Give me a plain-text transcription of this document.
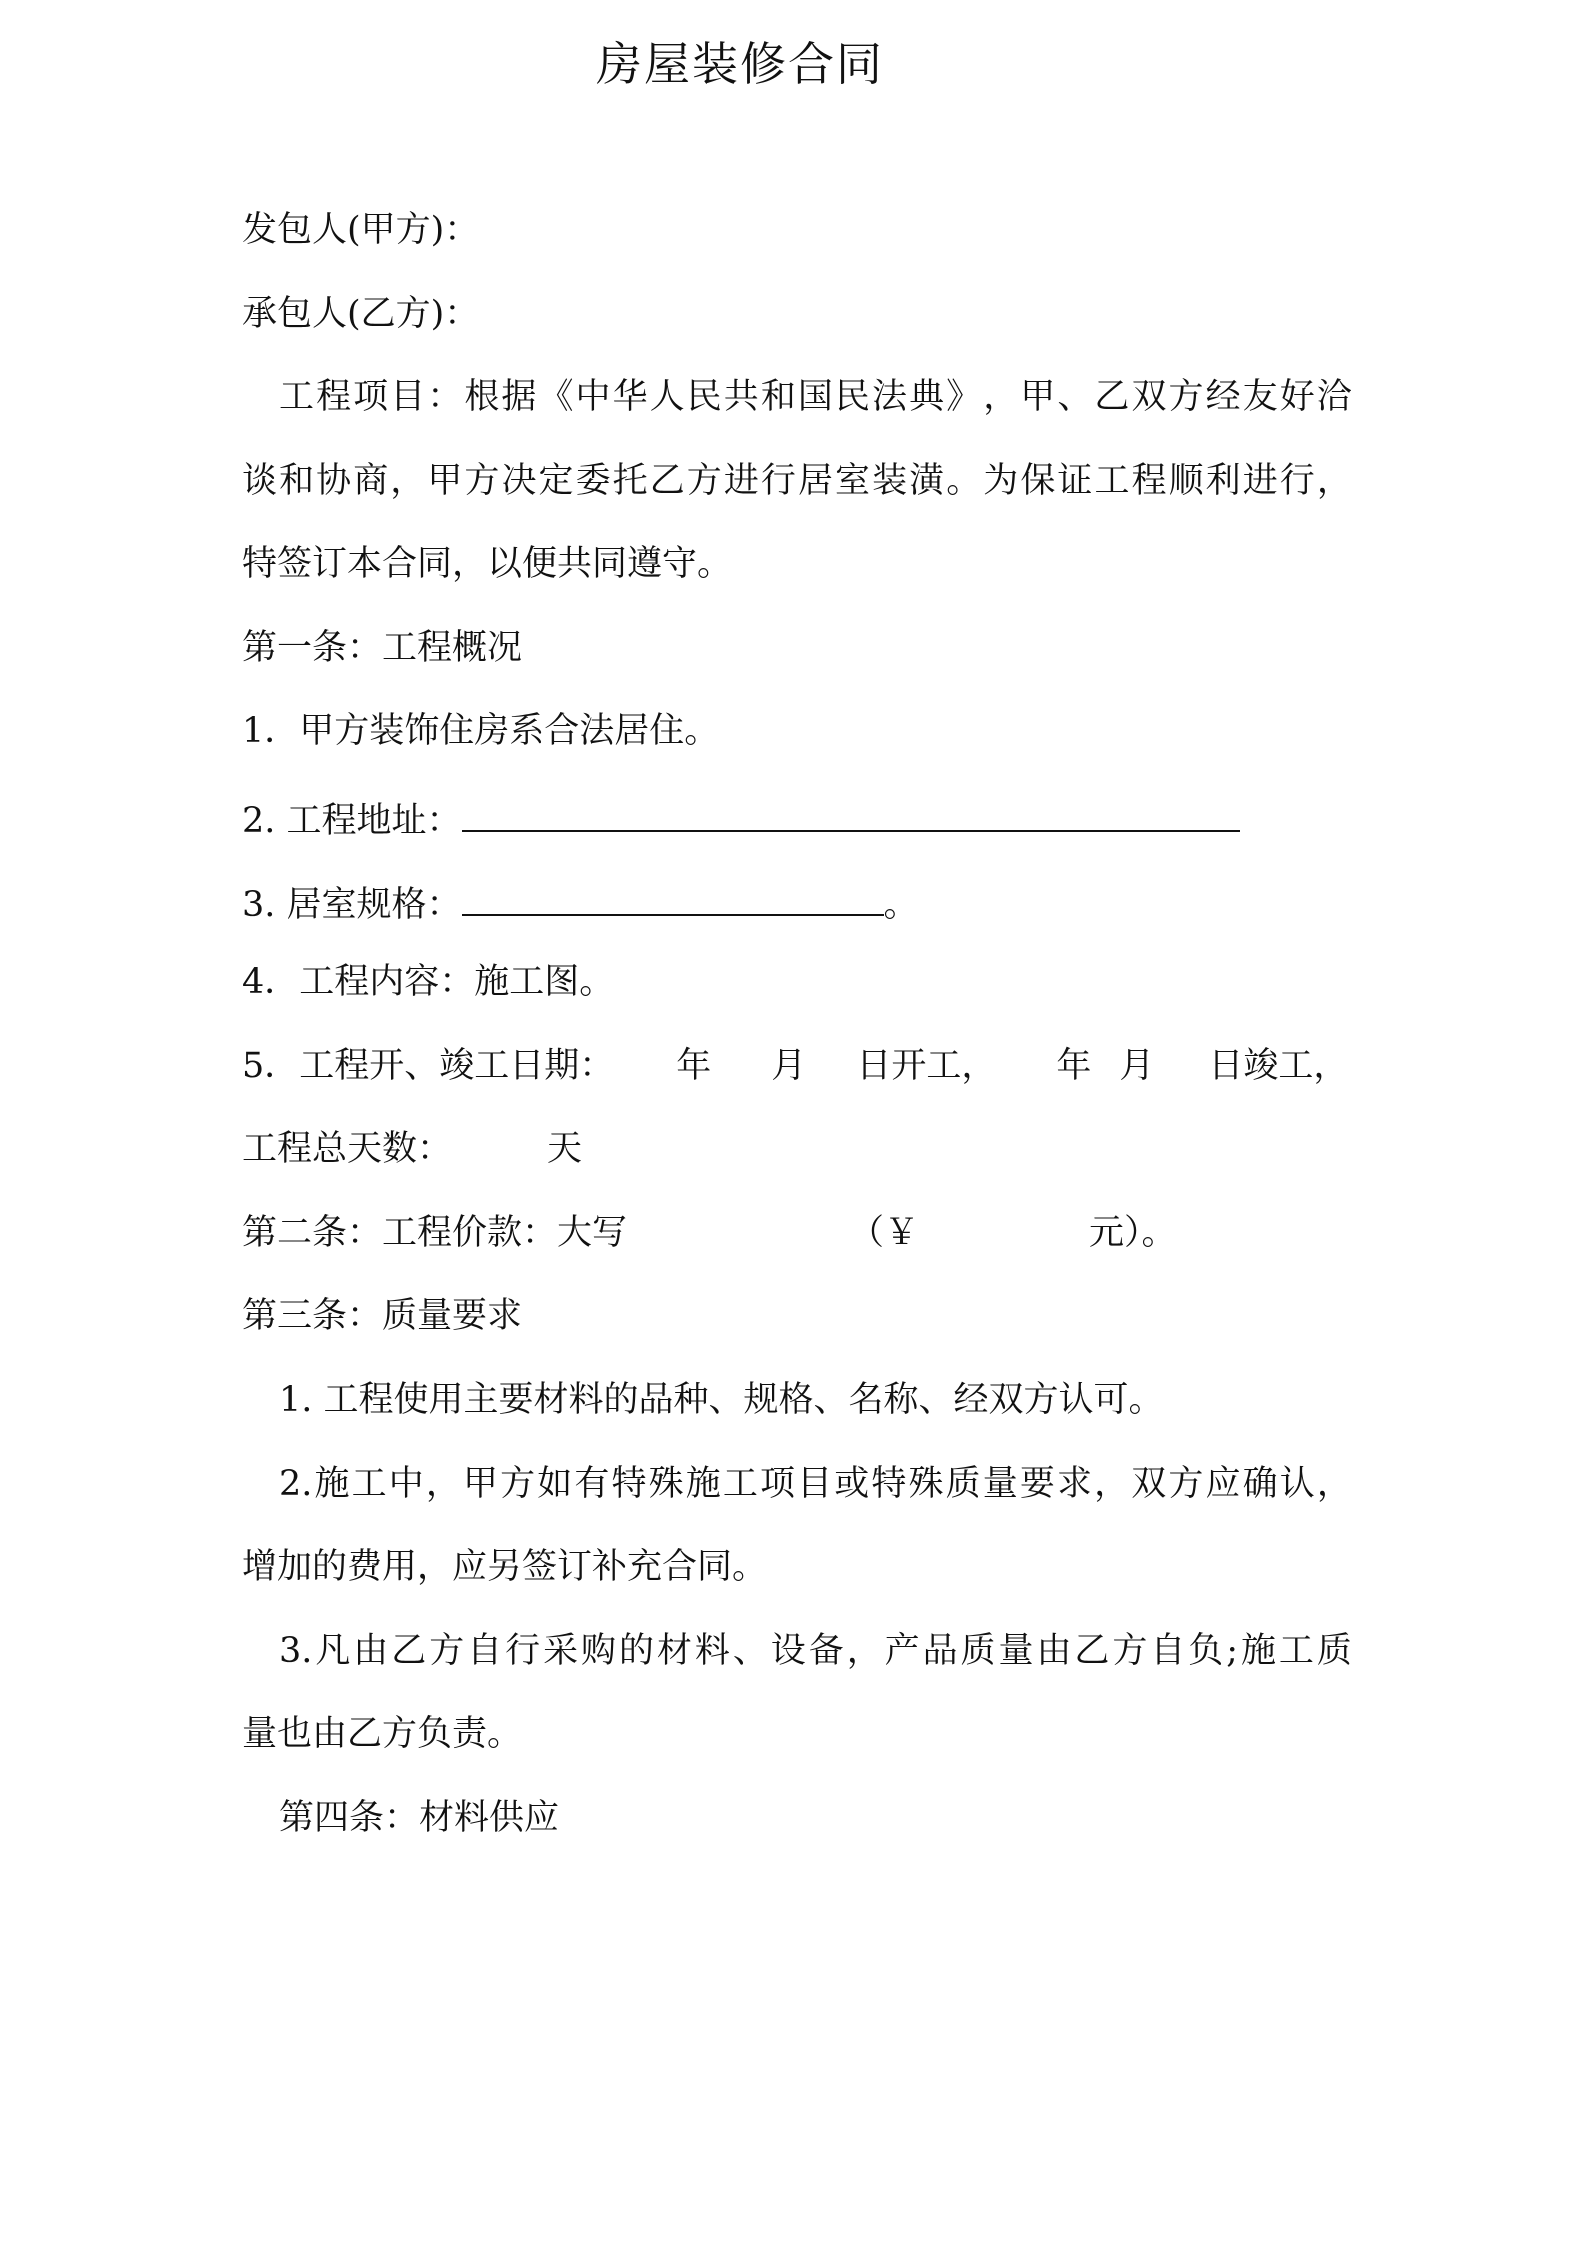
房屋装修合同

发包人(甲方)：

承包人(乙方)：

工 程 项 目 ： 根 据 《 中 华 人 民 共 和 国 民 法 典 》 ， 甲 、 乙 双 方 经 友 好 洽

谈 和 协 商 ， 甲 方 决 定 委 托 乙 方 进 行 居 室 装 潢 。 为 保 证 工 程 顺 利 进 行 ，

特签订本合同，以便共同遵守。

第一条：工程概况

1．甲方装饰住房系合法居住。

2. 工程地址：

3. 居室规格：	。

4．工程内容：施工图。

5．工程开、竣工日期： 年 月 日开工， 年 月 日竣工，

工程总天数：	天

第二条：工程价款：大写	（￥	元）。

第三条：质量要求

1. 工程使用主要材料的品种、规格、名称、经双方认可。

2. 施 工 中 ， 甲 方 如 有 特 殊 施 工 项 目 或 特 殊 质 量 要 求 ， 双 方 应 确 认 ，

增加的费用，应另签订补充合同。

3. 凡 由 乙 方 自 行 采 购 的 材 料 、 设 备 ， 产 品 质 量 由 乙 方 自 负 ; 施 工 质

量也由乙方负责。

第四条：材料供应
